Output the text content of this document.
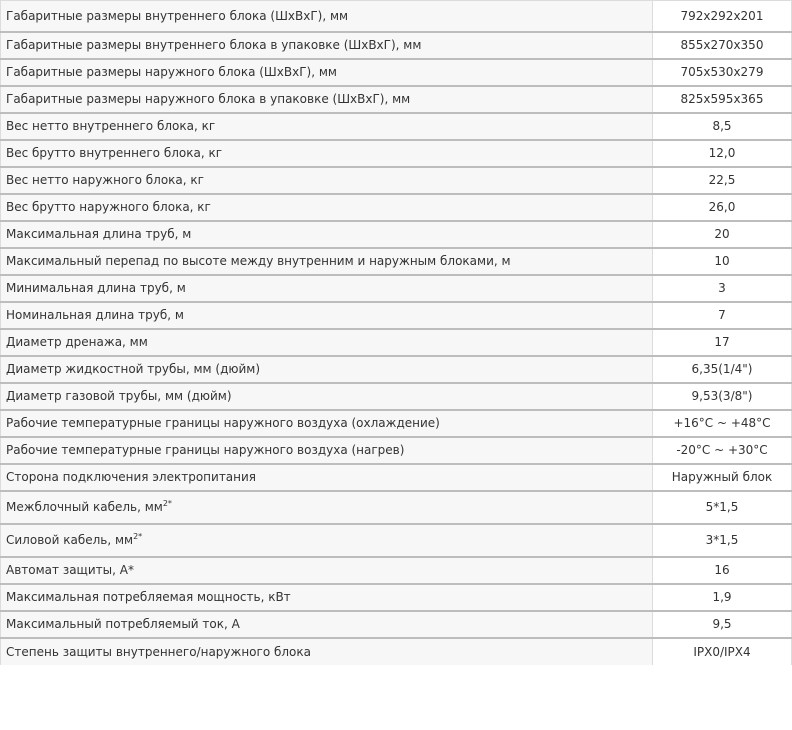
Габаритные размеры внутреннего блока (ШхВхГ), мм	792x292x201
Габаритные размеры внутреннего блока в упаковке (ШхВхГ), мм	855x270x350
Габаритные размеры наружного блока (ШхВхГ), мм	705x530x279
Габаритные размеры наружного блока в упаковке (ШхВхГ), мм	825x595x365
Вес нетто внутреннего блока, кг	8,5
Вес брутто внутреннего блока, кг	12,0
Вес нетто наружного блока, кг	22,5
Вес брутто наружного блока, кг	26,0
Максимальная длина труб, м	20
Максимальный перепад по высоте между внутренним и наружным блоками, м	10
Минимальная длина труб, м	3
Номинальная длина труб, м	7
Диаметр дренажа, мм	17
Диаметр жидкостной трубы, мм (дюйм)	6,35(1/4")
Диаметр газовой трубы, мм (дюйм)	9,53(3/8")
Рабочие температурные границы наружного воздуха (охлаждение)	+16°C ~ +48°C
Рабочие температурные границы наружного воздуха (нагрев)	-20°C ~ +30°C
Сторона подключения электропитания	Наружный блок
Межблочный кабель, $мм^{2*}$	5*1,5
Силовой кабель, $мм^{2*}$	3*1,5
Автомат защиты, А*	16
Максимальная потребляемая мощность, кВт	1,9
Максимальный потребляемый ток, А	9,5
Степень защиты внутреннего/наружного блока	IPX0/IPX4
